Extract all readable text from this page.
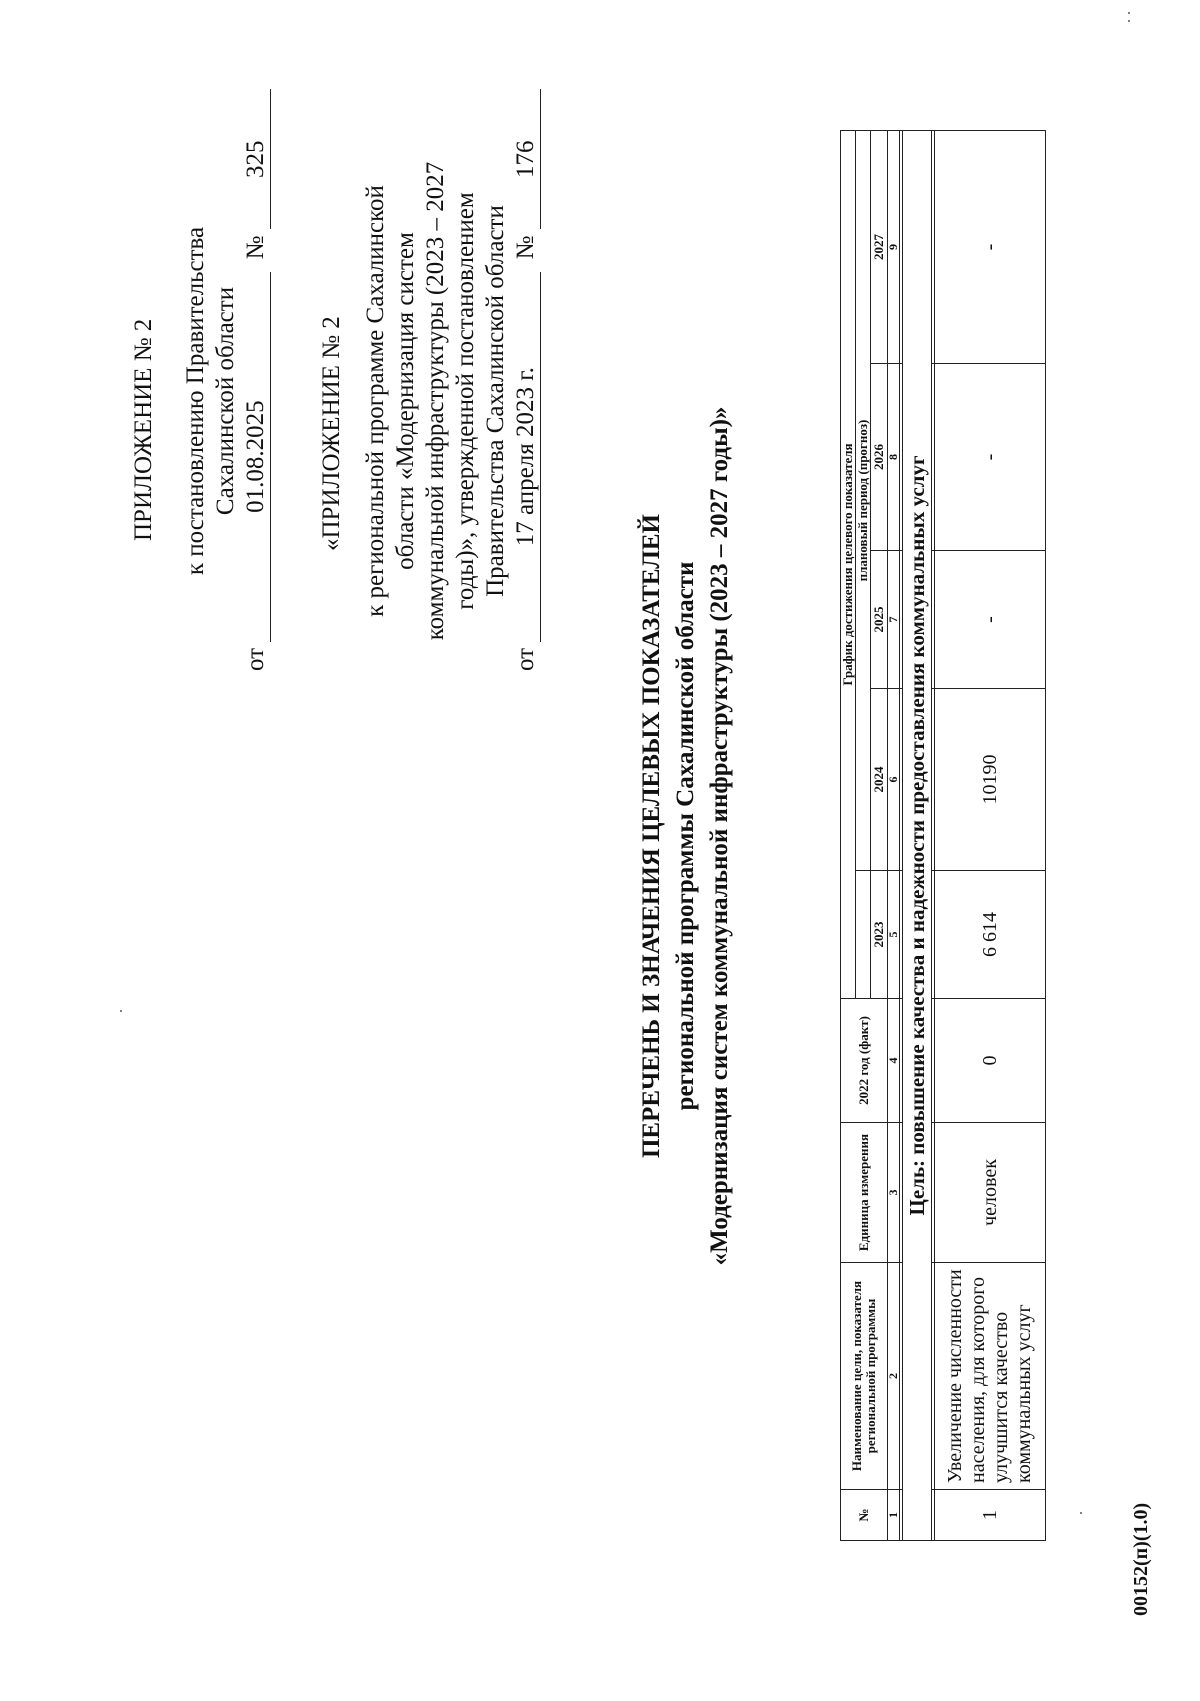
ПРИЛОЖЕНИЕ № 2 к постановлению Правительства Сахалинской области
от 01.08.2025 № 325
«ПРИЛОЖЕНИЕ № 2 к региональной программе Сахалинской области «Модернизация систем коммунальной инфраструктуры (2023 – 2027 годы)», утвержденной постановлением Правительства Сахалинской области
от 17 апреля 2023 г. № 176
ПЕРЕЧЕНЬ И ЗНАЧЕНИЯ ЦЕЛЕВЫХ ПОКАЗАТЕЛЕЙ региональной программы Сахалинской области «Модернизация систем коммунальной инфраструктуры (2023 – 2027 годы)»
№	Наименование цели, показателя региональной программы	Единица измерения	2022 год (факт)	График достижения целевого показателя				
					плановый период (прогноз)			
				2023	2024	2025	2026	2027
1	2	3	4	5	6	7	8	9

Цель: повышение качества и надежности предоставления коммунальных услуг								

1	Увеличение численности населения, для которого улучшится качество коммунальных услуг	человек	0	6 614	10190	-	-	-
00152(п)(1.0)
